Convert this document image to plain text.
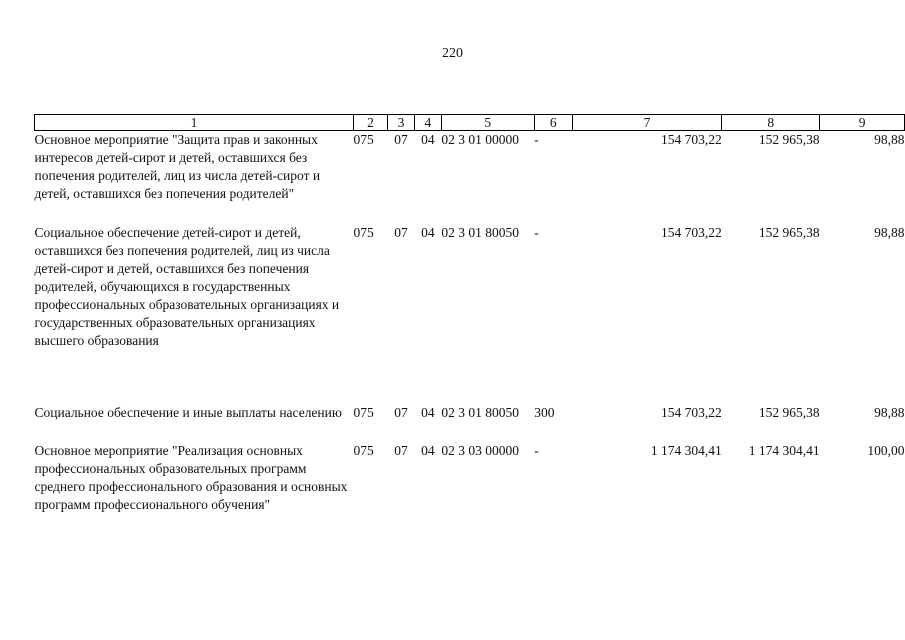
220
1	2	3	4	5	6	7	8	9
Основное мероприятие "Защита прав и законных интересов детей-сирот и детей, оставшихся без попечения родителей, лиц из числа детей-сирот и детей, оставшихся без попечения родителей"	075	07	04	02 3 01 00000	-	154 703,22	152 965,38	98,88
Социальное обеспечение детей-сирот и детей, оставшихся без попечения родителей, лиц из числа детей-сирот и детей, оставшихся без попечения родителей, обучающихся в государственных профессиональных образовательных организациях и государственных образовательных организациях высшего образования	075	07	04	02 3 01 80050	-	154 703,22	152 965,38	98,88
Социальное обеспечение и иные выплаты населению	075	07	04	02 3 01 80050	300	154 703,22	152 965,38	98,88
Основное мероприятие "Реализация основных профессиональных образовательных программ среднего профессионального образования и основных программ профессионального обучения"	075	07	04	02 3 03 00000	-	1 174 304,41	1 174 304,41	100,00
